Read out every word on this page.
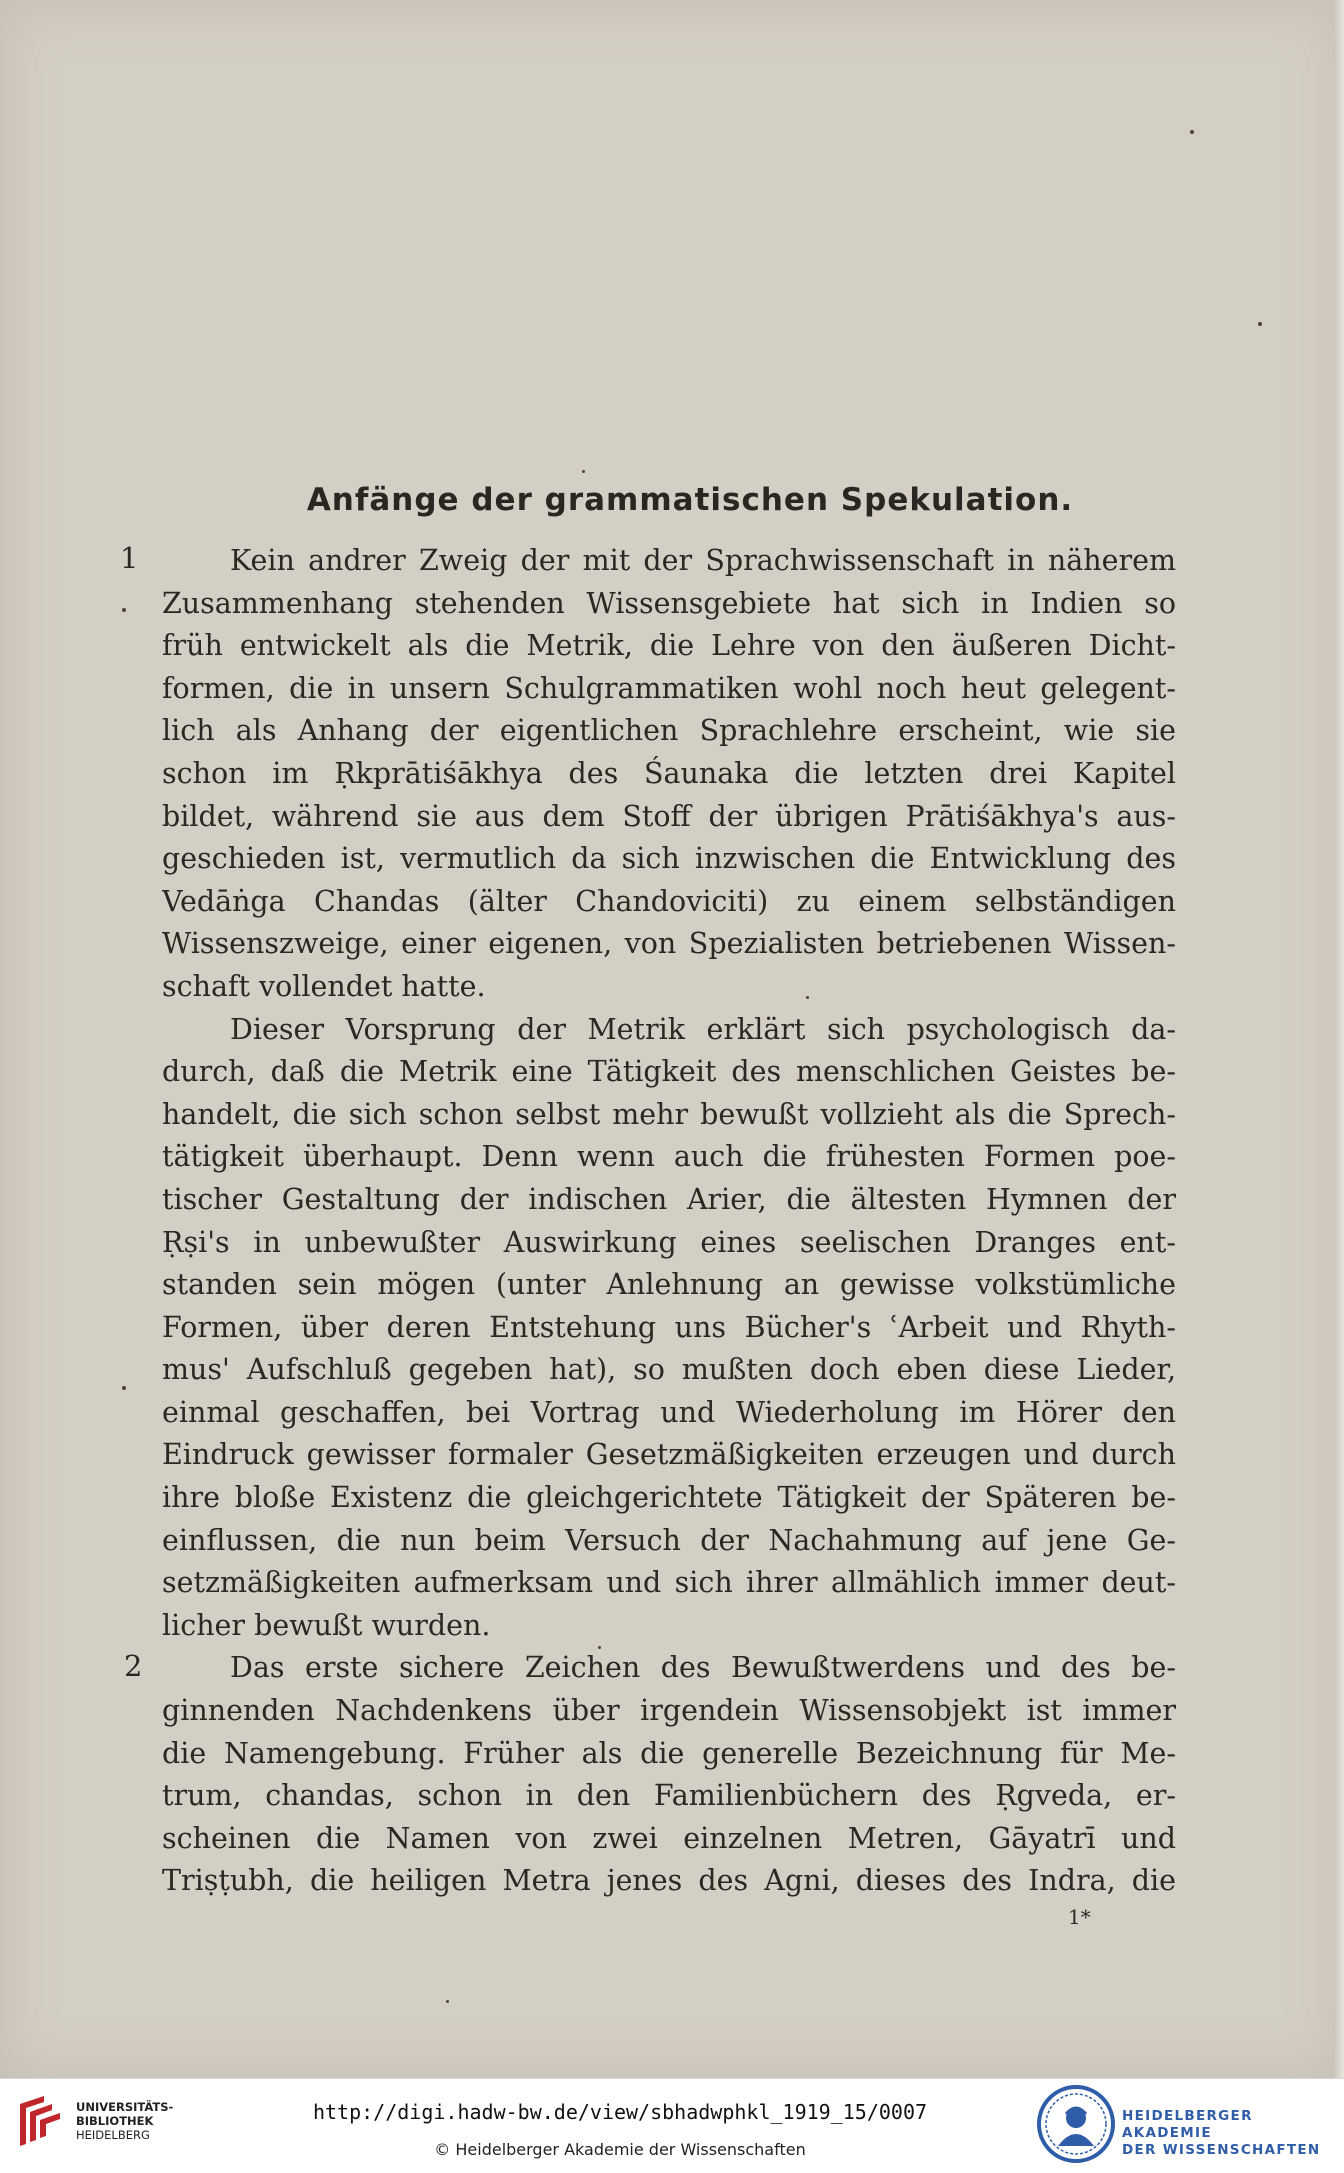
Anfänge der grammatischen Spekulation.
1
2
Kein andrer Zweig der mit der Sprachwissenschaft in näherem
Zusammenhang stehenden Wissensgebiete hat sich in Indien so
früh entwickelt als die Metrik, die Lehre von den äußeren Dicht-
formen, die in unsern Schulgrammatiken wohl noch heut gelegent-
lich als Anhang der eigentlichen Sprachlehre erscheint, wie sie
schon im Ṛkprātiśākhya des Śaunaka die letzten drei Kapitel
bildet, während sie aus dem Stoff der übrigen Prātiśākhya's aus-
geschieden ist, vermutlich da sich inzwischen die Entwicklung des
Vedāṅga Chandas (älter Chandoviciti) zu einem selbständigen
Wissenszweige, einer eigenen, von Spezialisten betriebenen Wissen-
schaft vollendet hatte.
Dieser Vorsprung der Metrik erklärt sich psychologisch da-
durch, daß die Metrik eine Tätigkeit des menschlichen Geistes be-
handelt, die sich schon selbst mehr bewußt vollzieht als die Sprech-
tätigkeit überhaupt. Denn wenn auch die frühesten Formen poe-
tischer Gestaltung der indischen Arier, die ältesten Hymnen der
Ṛṣi's in unbewußter Auswirkung eines seelischen Dranges ent-
standen sein mögen (unter Anlehnung an gewisse volkstümliche
Formen, über deren Entstehung uns Bücher's ʿArbeit und Rhyth-
mus' Aufschluß gegeben hat), so mußten doch eben diese Lieder,
einmal geschaffen, bei Vortrag und Wiederholung im Hörer den
Eindruck gewisser formaler Gesetzmäßigkeiten erzeugen und durch
ihre bloße Existenz die gleichgerichtete Tätigkeit der Späteren be-
einflussen, die nun beim Versuch der Nachahmung auf jene Ge-
setzmäßigkeiten aufmerksam und sich ihrer allmählich immer deut-
licher bewußt wurden.
Das erste sichere Zeichen des Bewußtwerdens und des be-
ginnenden Nachdenkens über irgendein Wissensobjekt ist immer
die Namengebung. Früher als die generelle Bezeichnung für Me-
trum, chandas, schon in den Familienbüchern des Ṛgveda, er-
scheinen die Namen von zwei einzelnen Metren, Gāyatrī und
Triṣṭubh, die heiligen Metra jenes des Agni, dieses des Indra, die
1*
UNIVERSITÄTS-
BIBLIOTHEK
HEIDELBERG
http://digi.hadw-bw.de/view/sbhadwphkl_1919_15/0007
© Heidelberger Akademie der Wissenschaften
HEIDELBERGER AKADEMIE
DER WISSENSCHAFTEN
